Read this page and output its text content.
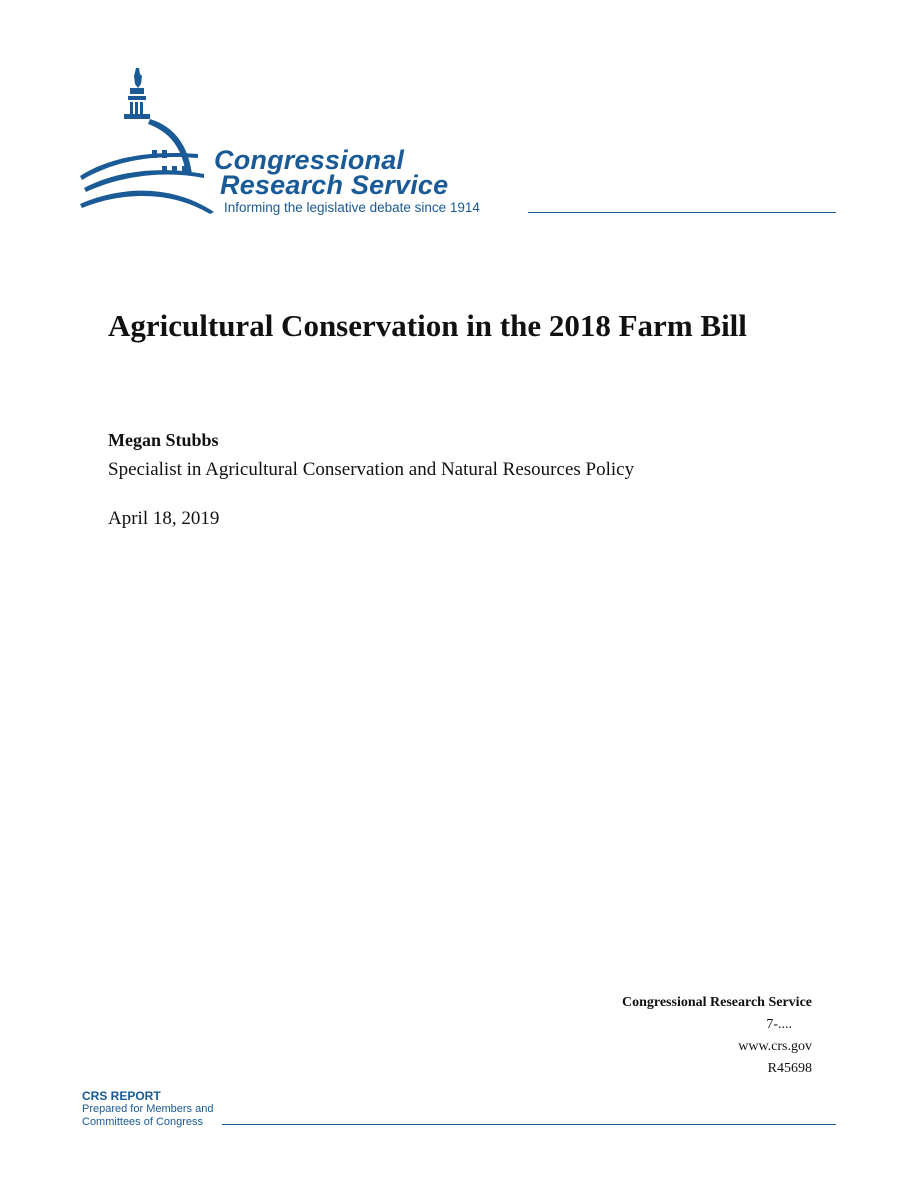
Congressional
Research Service
Informing the legislative debate since 1914
Agricultural Conservation in the 2018 Farm Bill
Megan Stubbs
Specialist in Agricultural Conservation and Natural Resources Policy
April 18, 2019
Congressional Research Service
7-....
www.crs.gov
R45698
CRS REPORT
Prepared for Members and
Committees of Congress
